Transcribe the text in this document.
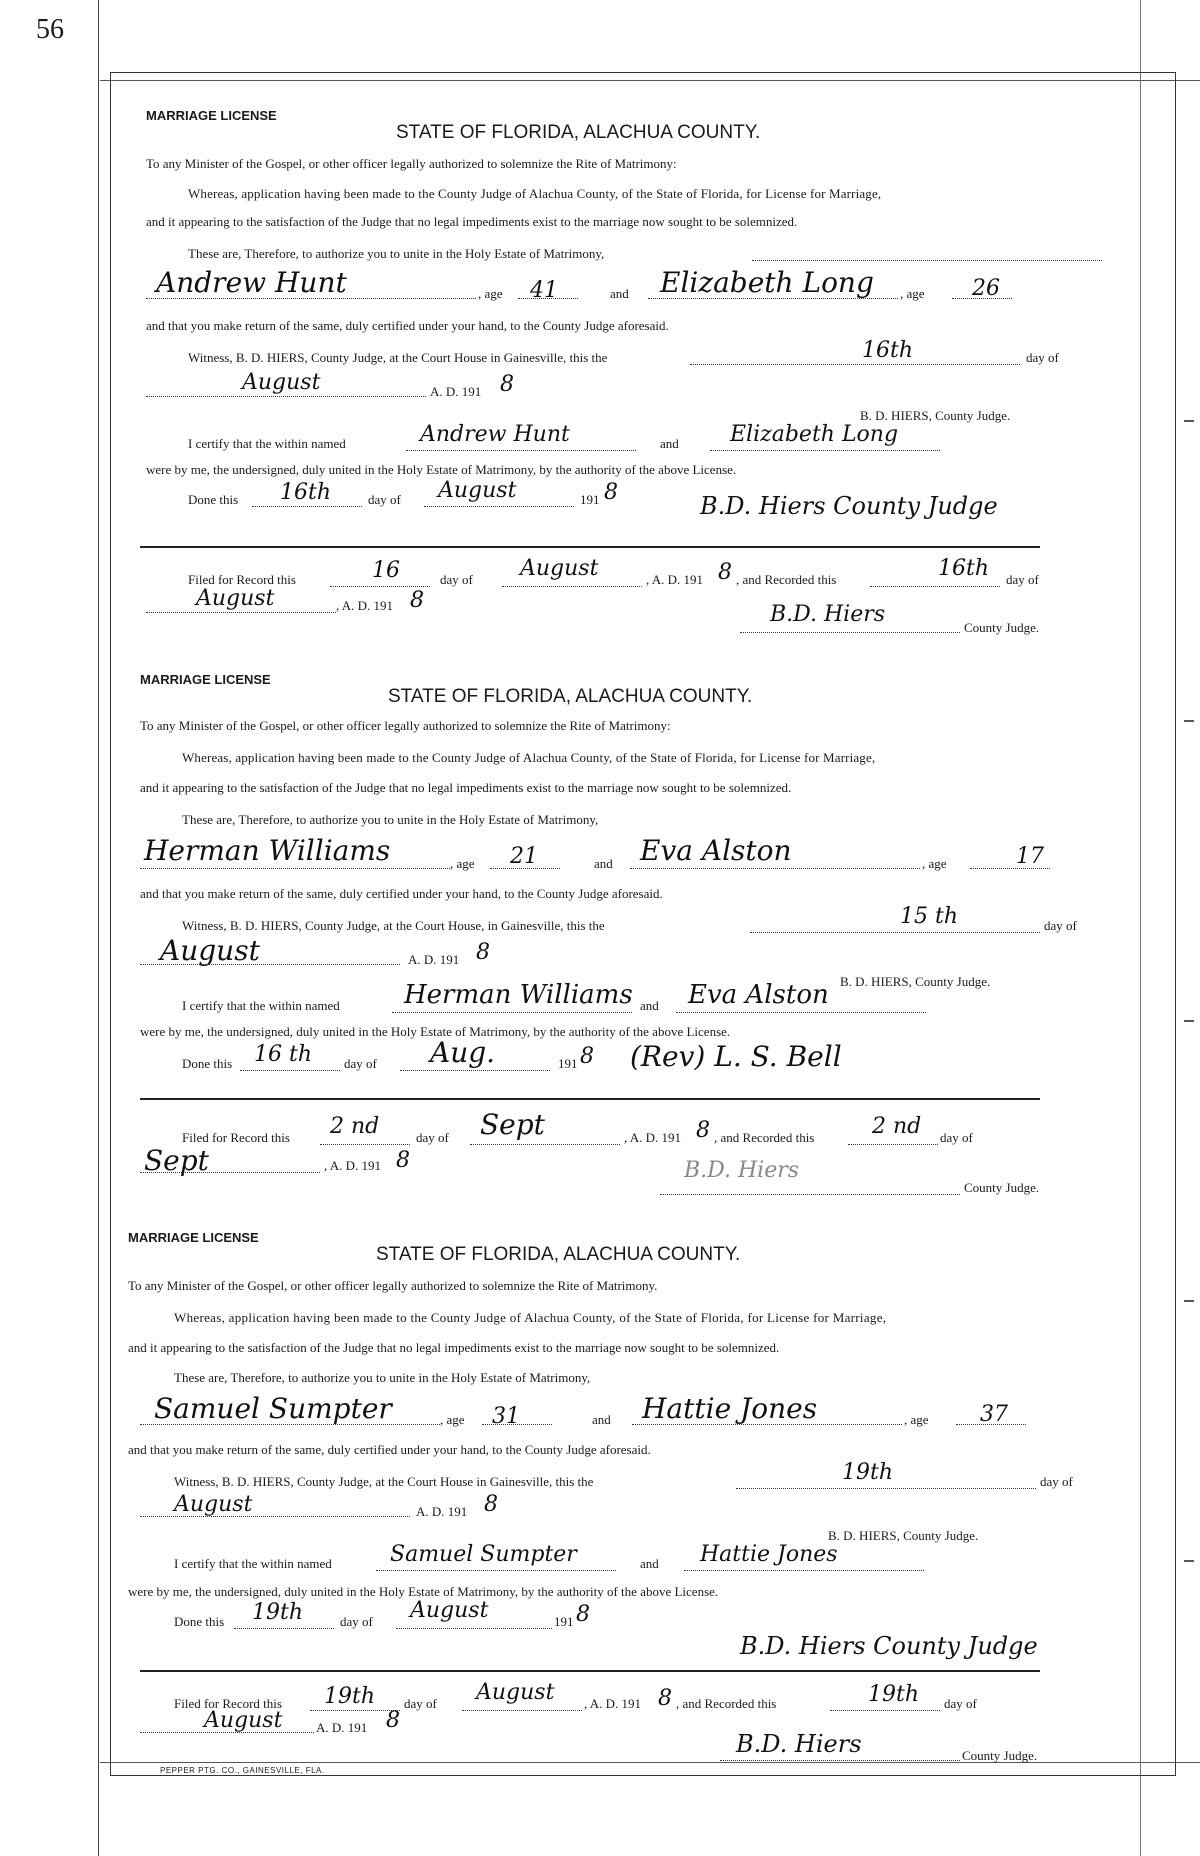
56
MARRIAGE LICENSE
STATE OF FLORIDA, ALACHUA COUNTY.
To any Minister of the Gospel, or other officer legally authorized to solemnize the Rite of Matrimony:
Whereas, application having been made to the County Judge of Alachua County, of the State of Florida, for License for Marriage,
and it appearing to the satisfaction of the Judge that no legal impediments exist to the marriage now sought to be solemnized.
These are, Therefore, to authorize you to unite in the Holy Estate of Matrimony,
Andrew Hunt	, age 41	and Elizabeth Long , age 26
and that you make return of the same, duly certified under your hand, to the County Judge aforesaid.
Witness, B. D. HIERS, County Judge, at the Court House in Gainesville, this the	16th	day of
August	A. D. 191 8
B. D. HIERS, County Judge.
I certify that the within named	Andrew Hunt	and Elizabeth Long
were by me, the undersigned, duly united in the Holy Estate of Matrimony, by the authority of the above License.
Done this 16th	day of August	191 8	B.D. Hiers County Judge
Filed for Record this	16	day of August	, A. D. 191 8 , and Recorded this	16th day of
August	, A. D. 191 8
B.D. Hiers
County Judge.
MARRIAGE LICENSE
STATE OF FLORIDA, ALACHUA COUNTY.
To any Minister of the Gospel, or other officer legally authorized to solemnize the Rite of Matrimony:
Whereas, application having been made to the County Judge of Alachua County, of the State of Florida, for License for Marriage,
and it appearing to the satisfaction of the Judge that no legal impediments exist to the marriage now sought to be solemnized.
These are, Therefore, to authorize you to unite in the Holy Estate of Matrimony,
Herman Williams	, age 21	and Eva Alston	, age	17
and that you make return of the same, duly certified under your hand, to the County Judge aforesaid.
Witness, B. D. HIERS, County Judge, at the Court House, in Gainesville, this the	15 th	day of
August	A. D. 191 8
B. D. HIERS, County Judge.
I certify that the within named Herman Williams and Eva Alston
were by me, the undersigned, duly united in the Holy Estate of Matrimony, by the authority of the above License.
Done this 16 th day of Aug.	191 8 (Rev) L. S. Bell
Filed for Record this 2 nd	day of Sept	, A. D. 191 8 , and Recorded this	2 nd day of
Sept	, A. D. 191 8	B.D. Hiers
County Judge.
MARRIAGE LICENSE
STATE OF FLORIDA, ALACHUA COUNTY.
To any Minister of the Gospel, or other officer legally authorized to solemnize the Rite of Matrimony.
Whereas, application having been made to the County Judge of Alachua County, of the State of Florida, for License for Marriage,
and it appearing to the satisfaction of the Judge that no legal impediments exist to the marriage now sought to be solemnized.
These are, Therefore, to authorize you to unite in the Holy Estate of Matrimony,
Samuel Sumpter	, age 31	and Hattie Jones	, age 37
and that you make return of the same, duly certified under your hand, to the County Judge aforesaid.
Witness, B. D. HIERS, County Judge, at the Court House in Gainesville, this the	19th	day of
August	A. D. 191 8
B. D. HIERS, County Judge.
I certify that the within named	Samuel Sumpter	and Hattie Jones
were by me, the undersigned, duly united in the Holy Estate of Matrimony, by the authority of the above License.
Done this 19th	day of August	191 8
B.D. Hiers County Judge
Filed for Record this 19th day of August , A. D. 191 8 , and Recorded this	19th day of
August	A. D. 191 8
B.D. Hiers	County Judge.
PEPPER PTG. CO., GAINESVILLE, FLA.
